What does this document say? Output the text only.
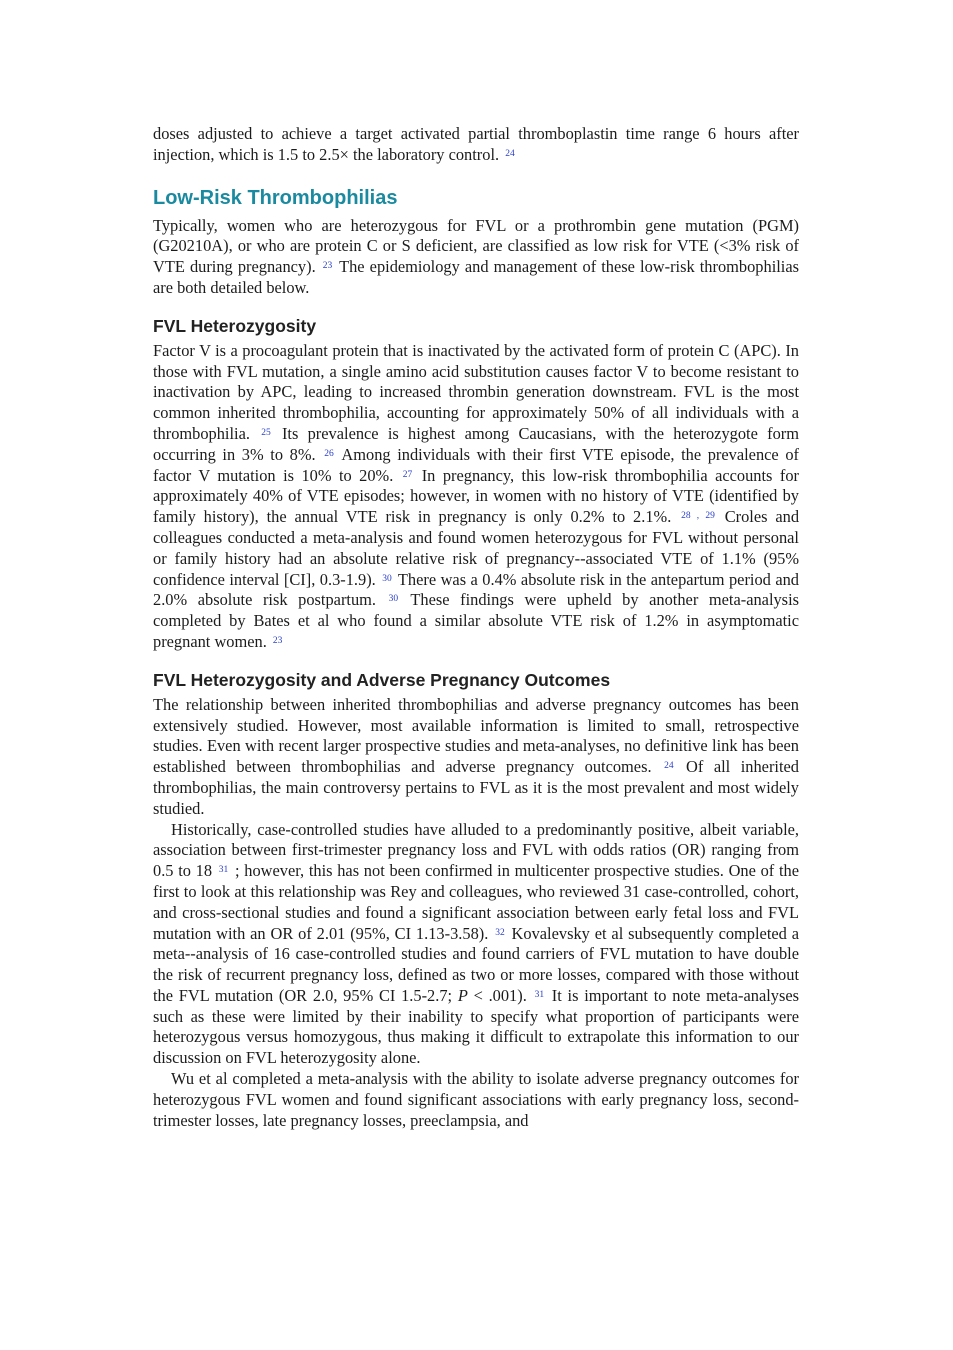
doses adjusted to achieve a target activated partial thromboplastin time range 6 hours after injection, which is 1.5 to 2.5× the laboratory control. $^{24}$

Low-Risk Thrombophilias

Typically, women who are heterozygous for FVL or a prothrombin gene mutation (PGM) (G20210A), or who are protein C or S deficient, are classified as low risk for VTE (<3% risk of VTE during pregnancy). $^{23}$ The epidemiology and management of these low-risk thrombophilias are both detailed below.

FVL Heterozygosity

Factor V is a procoagulant protein that is inactivated by the activated form of protein C (APC). In those with FVL mutation, a single amino acid substitution causes factor V to become resistant to inactivation by APC, leading to increased thrombin generation downstream. FVL is the most common inherited thrombophilia, accounting for approximately 50% of all individuals with a thrombophilia. $^{25}$ Its prevalence is highest among Caucasians, with the heterozygote form occurring in 3% to 8%. $^{26}$ Among individuals with their first VTE episode, the prevalence of factor V mutation is 10% to 20%. $^{27}$ In pregnancy, this low-risk thrombophilia accounts for approximately 40% of VTE episodes; however, in women with no history of VTE (identified by family history), the annual VTE risk in pregnancy is only 0.2% to 2.1%. $^{28 , 29}$ Croles and colleagues conducted a meta-analysis and found women heterozygous for FVL without personal or family history had an absolute relative risk of pregnancy--associated VTE of 1.1% (95% confidence interval [CI], 0.3-1.9). $^{30}$ There was a 0.4% absolute risk in the antepartum period and 2.0% absolute risk postpartum. $^{30}$ These findings were upheld by another meta-analysis completed by Bates et al who found a similar absolute VTE risk of 1.2% in asymptomatic pregnant women. $^{23}$

FVL Heterozygosity and Adverse Pregnancy Outcomes

The relationship between inherited thrombophilias and adverse pregnancy outcomes has been extensively studied. However, most available information is limited to small, retrospective studies. Even with recent larger prospective studies and meta-analyses, no definitive link has been established between thrombophilias and adverse pregnancy outcomes. $^{24}$ Of all inherited thrombophilias, the main controversy pertains to FVL as it is the most prevalent and most widely studied.

Historically, case-controlled studies have alluded to a predominantly positive, albeit variable, association between first-trimester pregnancy loss and FVL with odds ratios (OR) ranging from 0.5 to 18 $^{31}$ ; however, this has not been confirmed in multicenter prospective studies. One of the first to look at this relationship was Rey and colleagues, who reviewed 31 case-controlled, cohort, and cross-sectional studies and found a significant association between early fetal loss and FVL mutation with an OR of 2.01 (95%, CI 1.13-3.58). $^{32}$ Kovalevsky et al subsequently completed a meta--analysis of 16 case-controlled studies and found carriers of FVL mutation to have double the risk of recurrent pregnancy loss, defined as two or more losses, compared with those without the FVL mutation (OR 2.0, 95% CI 1.5-2.7; P < .001). $^{31}$ It is important to note meta-analyses such as these were limited by their inability to specify what proportion of participants were heterozygous versus homozygous, thus making it difficult to extrapolate this information to our discussion on FVL heterozygosity alone.

Wu et al completed a meta-analysis with the ability to isolate adverse pregnancy outcomes for heterozygous FVL women and found significant associations with early pregnancy loss, second-trimester losses, late pregnancy losses, preeclampsia, and
